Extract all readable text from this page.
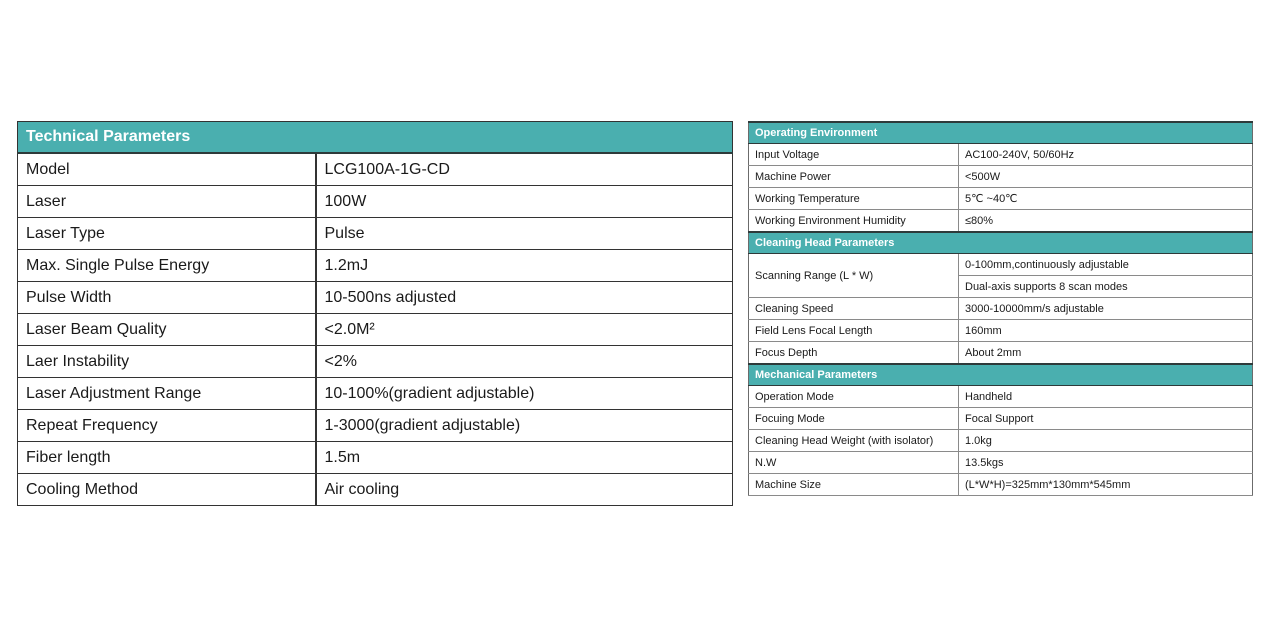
Technical Parameters	
Model	LCG100A-1G-CD
Laser	100W
Laser Type	Pulse
Max. Single Pulse Energy	1.2mJ
Pulse Width	10-500ns adjusted
Laser Beam Quality	<2.0M²
Laer Instability	<2%
Laser Adjustment Range	10-100%(gradient adjustable)
Repeat Frequency	1-3000(gradient adjustable)
Fiber length	1.5m
Cooling Method	Air cooling
Operating Environment	
Input Voltage	AC100-240V, 50/60Hz
Machine Power	<500W
Working Temperature	5℃ ~40℃
Working Environment Humidity	≤80%
Cleaning Head Parameters	
Scanning Range (L * W)	0-100mm,continuously adjustable
	Dual-axis supports 8 scan modes
Cleaning Speed	3000-10000mm/s adjustable
Field Lens Focal Length	160mm
Focus Depth	About 2mm
Mechanical Parameters	
Operation Mode	Handheld
Focuing Mode	Focal Support
Cleaning Head Weight (with isolator)	1.0kg
N.W	13.5kgs
Machine Size	(L*W*H)=325mm*130mm*545mm
